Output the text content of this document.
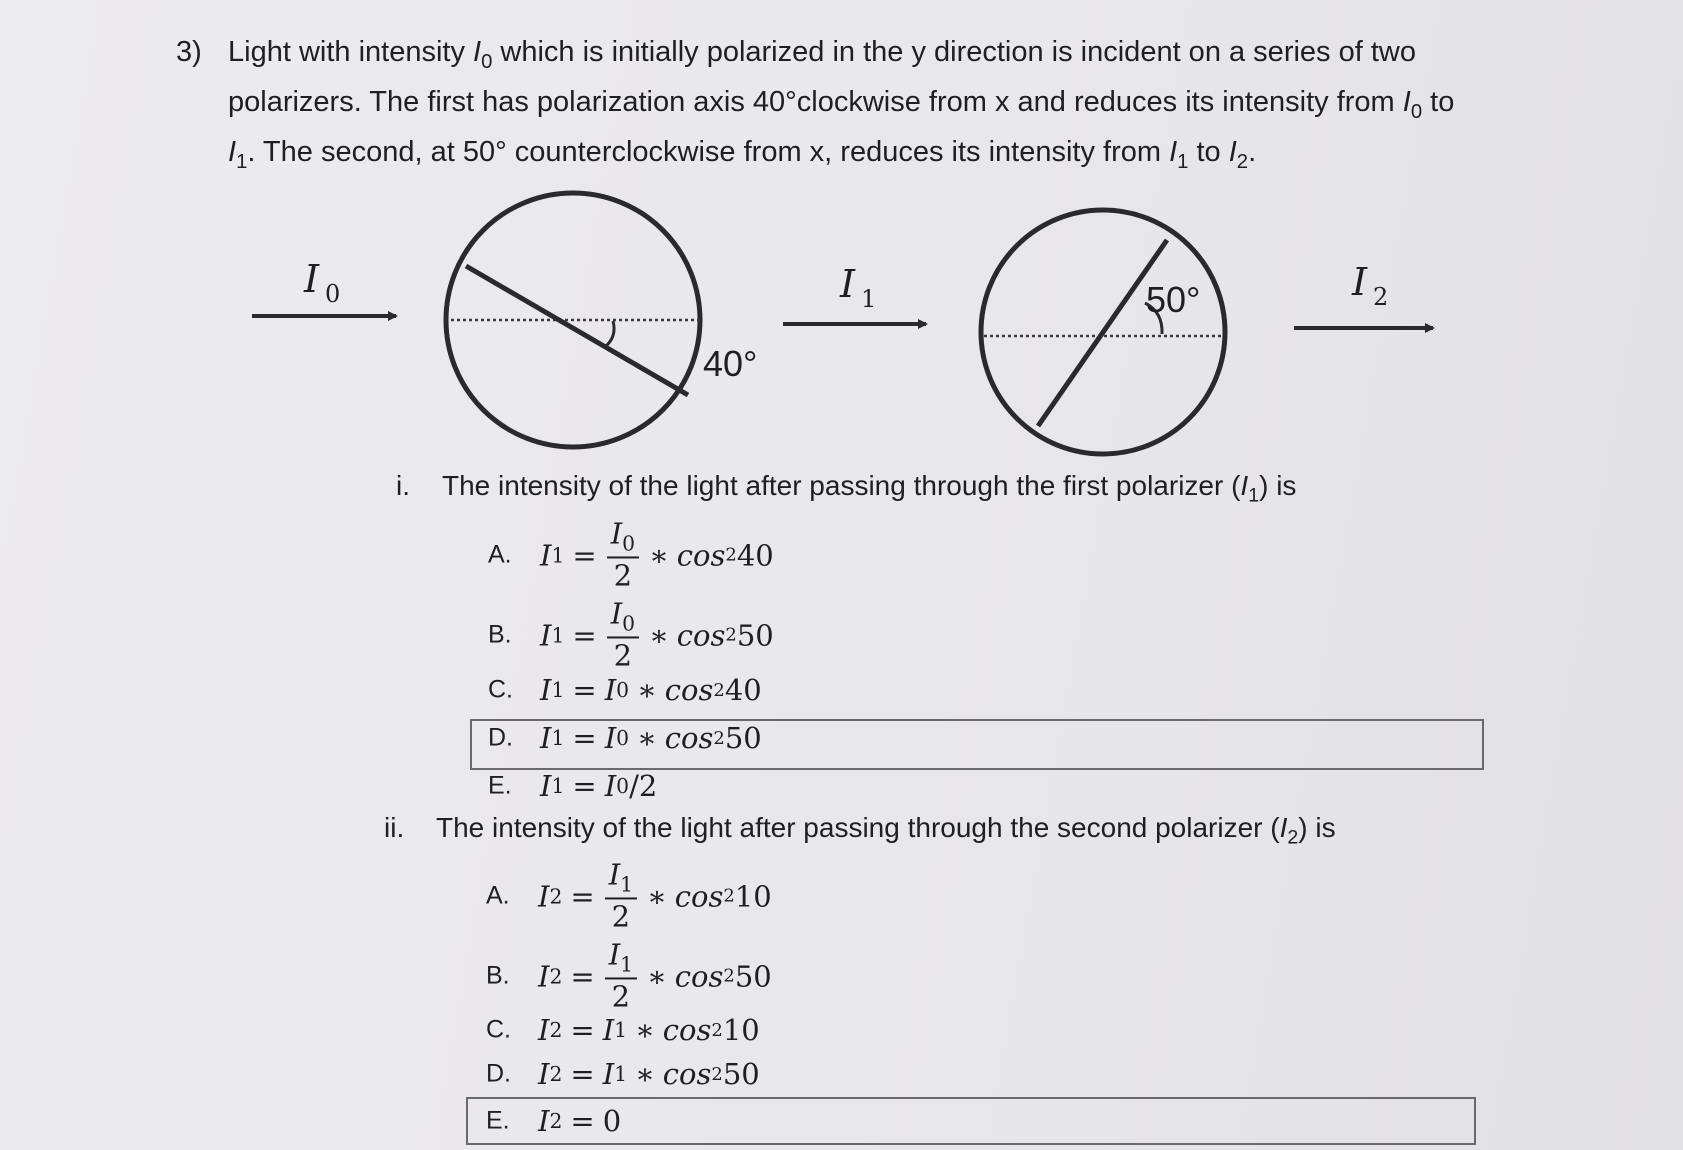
3) Light with intensity $I_0$ which is initially polarized in the y direction is incident on a series of two polarizers. The first has polarization axis 40°clockwise from x and reduces its intensity from $I_0$ to
$I_1$. The second, at 50° counterclockwise from x, reduces its intensity from $I_1$ to $I_2$.

I 0
40°
I 1	50°	I 2
i. The intensity of the light after passing through the first polarizer $(I_1)$ is
A. I $1 = \frac{I_0}{2}$ ∗ cos 2 40
B. I $1 = \frac{I_0}{2}$ ∗ cos 2 50
C. I 1 = I 0 ∗ cos 2 40
D. I 1 = I 0 ∗ cos 2 50
E. I 1 = I 0 /2
ii. The intensity of the light after passing through the second polarizer $(I_2)$ is
A. I $2 = \frac{I_1}{2}$ ∗ cos 2 10
B. I $2 = \frac{I_1}{2}$ ∗ cos 2 50
C. I 2 = I 1 ∗ cos 2 10
D. I 2 = I 1 ∗ cos 2 50
E. I 2 = 0
